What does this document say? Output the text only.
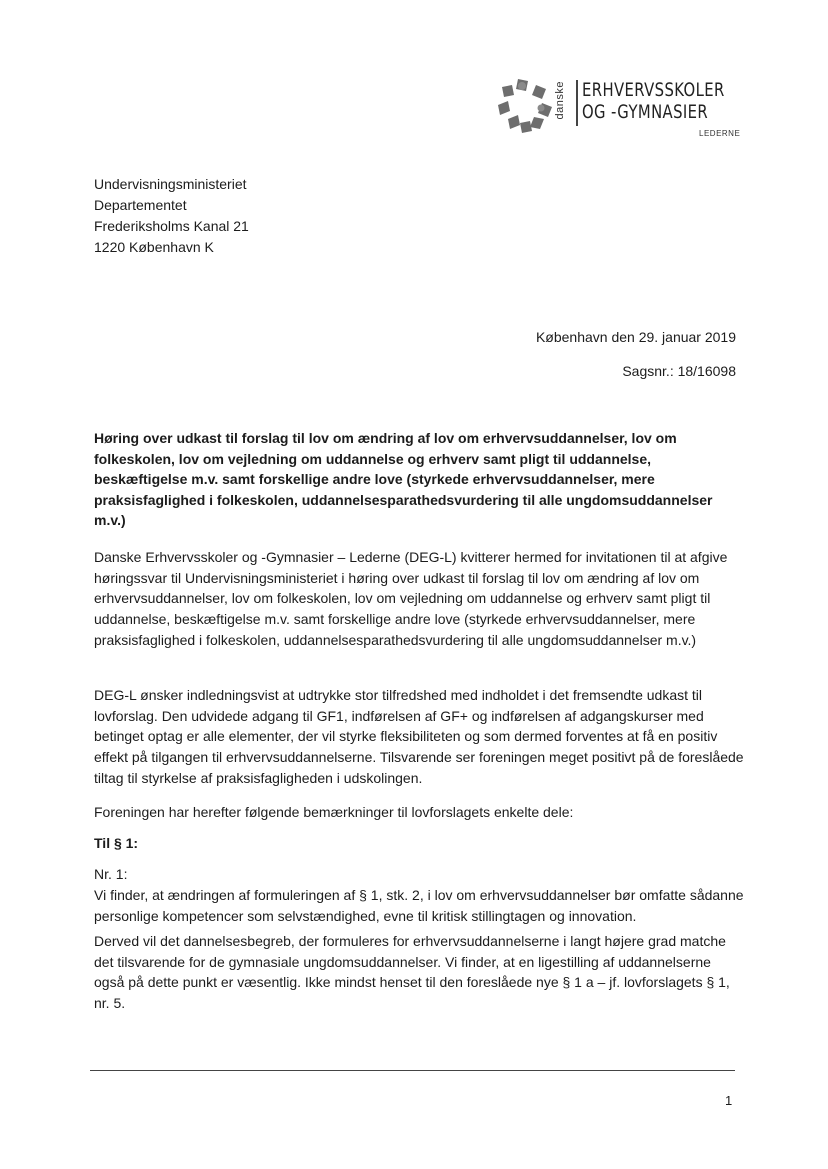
danske ERHVERVSSKOLER
OG -GYMNASIER
LEDERNE
Undervisningsministeriet
Departementet
Frederiksholms Kanal 21
1220 København K
København den 29. januar 2019
Sagsnr.: 18/16098
Høring over udkast til forslag til lov om ændring af lov om erhvervsuddannelser, lov om folkeskolen, lov om vejledning om uddannelse og erhverv samt pligt til uddannelse, beskæftigelse m.v. samt forskellige andre love (styrkede erhvervsuddannelser, mere praksisfaglighed i folkeskolen, uddannelsesparathedsvurdering til alle ungdomsuddannelser m.v.)
Danske Erhvervsskoler og -Gymnasier – Lederne (DEG-L) kvitterer hermed for invitationen til at afgive høringssvar til Undervisningsministeriet i høring over udkast til forslag til lov om ændring af lov om erhvervsuddannelser, lov om folkeskolen, lov om vejledning om uddannelse og erhverv samt pligt til uddannelse, beskæftigelse m.v. samt forskellige andre love (styrkede erhvervsuddannelser, mere praksisfaglighed i folkeskolen, uddannelsesparathedsvurdering til alle ungdomsuddannelser m.v.)
DEG-L ønsker indledningsvist at udtrykke stor tilfredshed med indholdet i det fremsendte udkast til lovforslag. Den udvidede adgang til GF1, indførelsen af GF+ og indførelsen af adgangskurser med betinget optag er alle elementer, der vil styrke fleksibiliteten og som dermed forventes at få en positiv effekt på tilgangen til erhvervsuddannelserne. Tilsvarende ser foreningen meget positivt på de foreslåede tiltag til styrkelse af praksisfagligheden i udskolingen.
Foreningen har herefter følgende bemærkninger til lovforslagets enkelte dele:
Til § 1:
Nr. 1:
Vi finder, at ændringen af formuleringen af § 1, stk. 2, i lov om erhvervsuddannelser bør omfatte sådanne personlige kompetencer som selvstændighed, evne til kritisk stillingtagen og innovation.
Derved vil det dannelsesbegreb, der formuleres for erhvervsuddannelserne i langt højere grad matche det tilsvarende for de gymnasiale ungdomsuddannelser. Vi finder, at en ligestilling af uddannelserne også på dette punkt er væsentlig. Ikke mindst henset til den foreslåede nye § 1 a – jf. lovforslagets § 1, nr. 5.
1
